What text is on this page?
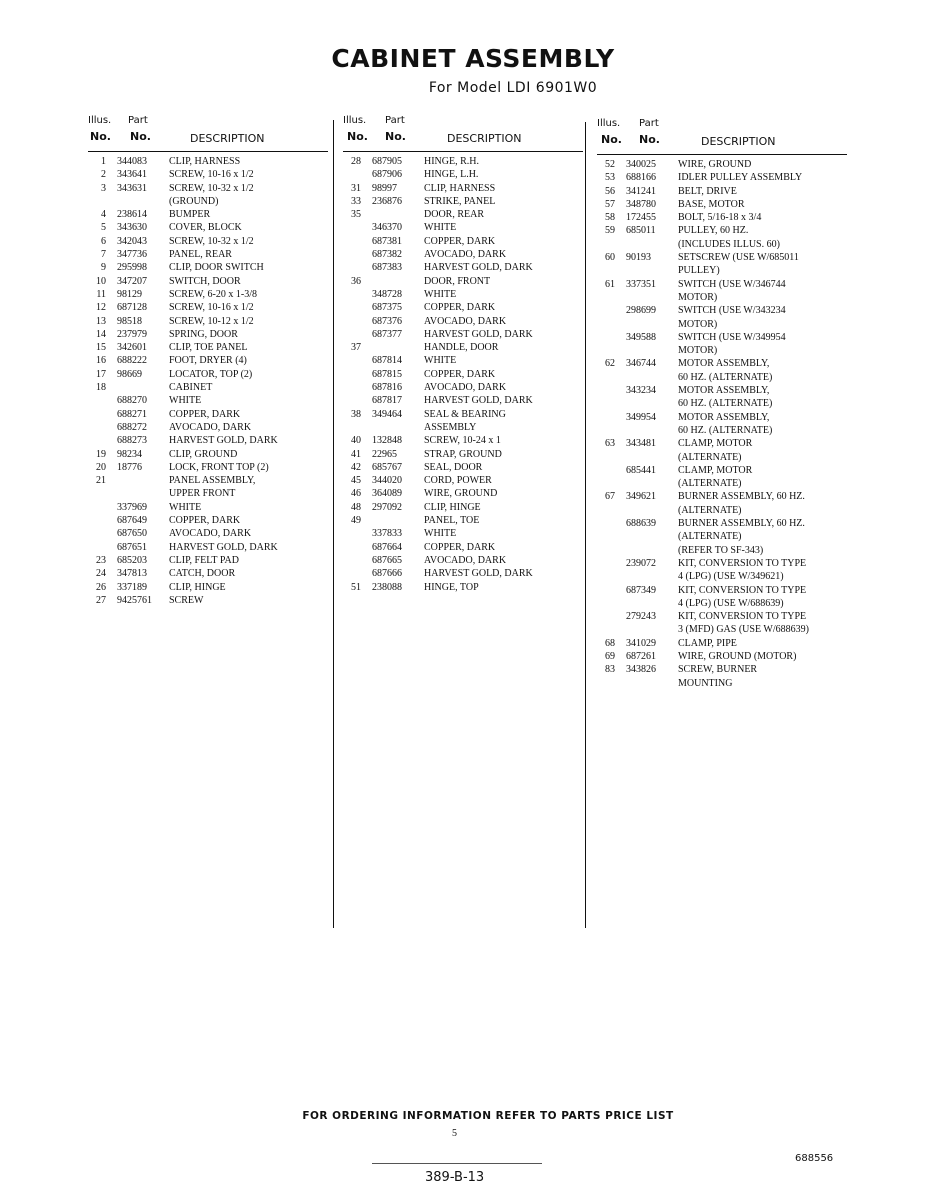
CABINET ASSEMBLY
For Model LDI 6901W0
Illus. Part
No. No.	DESCRIPTION
1 344083 CLIP, HARNESS
2 343641 SCREW, 10-16 x 1/2
3 343631 SCREW, 10-32 x 1/2
(GROUND)
4 238614 BUMPER
5 343630 COVER, BLOCK
6 342043 SCREW, 10-32 x 1/2
7 347736 PANEL, REAR
9 295998 CLIP, DOOR SWITCH
10 347207 SWITCH, DOOR
11 98129	SCREW, 6-20 x 1-3/8
12 687128 SCREW, 10-16 x 1/2
13 98518	SCREW, 10-12 x 1/2
14 237979 SPRING, DOOR
15 342601 CLIP, TOE PANEL
16 688222 FOOT, DRYER (4)
17 98669	LOCATOR, TOP (2)
18	CABINET
688270 WHITE
688271 COPPER, DARK
688272 AVOCADO, DARK
688273 HARVEST GOLD, DARK
19 98234	CLIP, GROUND
20 18776	LOCK, FRONT TOP (2)
21	PANEL ASSEMBLY,
UPPER FRONT
337969 WHITE
687649 COPPER, DARK
687650 AVOCADO, DARK
687651 HARVEST GOLD, DARK
23 685203 CLIP, FELT PAD
24 347813 CATCH, DOOR
26 337189 CLIP, HINGE
27 9425761 SCREW
Illus. Part
No. No.	DESCRIPTION
28 687905 HINGE, R.H.
687906 HINGE, L.H.
31 98997	CLIP, HARNESS
33 236876 STRIKE, PANEL
35	DOOR, REAR
346370 WHITE
687381 COPPER, DARK
687382 AVOCADO, DARK
687383 HARVEST GOLD, DARK
36	DOOR, FRONT
348728 WHITE
687375 COPPER, DARK
687376 AVOCADO, DARK
687377 HARVEST GOLD, DARK
37	HANDLE, DOOR
687814 WHITE
687815 COPPER, DARK
687816 AVOCADO, DARK
687817 HARVEST GOLD, DARK
38 349464 SEAL & BEARING
ASSEMBLY
40 132848 SCREW, 10-24 x 1
41 22965	STRAP, GROUND
42 685767 SEAL, DOOR
45 344020 CORD, POWER
46 364089 WIRE, GROUND
48 297092 CLIP, HINGE
49	PANEL, TOE
337833 WHITE
687664 COPPER, DARK
687665 AVOCADO, DARK
687666 HARVEST GOLD, DARK
51 238088 HINGE, TOP
Illus. Part
No. No.	DESCRIPTION
52 340025 WIRE, GROUND
53 688166 IDLER PULLEY ASSEMBLY
56 341241 BELT, DRIVE
57 348780 BASE, MOTOR
58 172455 BOLT, 5/16-18 x 3/4
59 685011 PULLEY, 60 HZ.
(INCLUDES ILLUS. 60)
60 90193	SETSCREW (USE W/685011
PULLEY)
61 337351 SWITCH (USE W/346744
MOTOR)
298699 SWITCH (USE W/343234
MOTOR)
349588 SWITCH (USE W/349954
MOTOR)
62 346744 MOTOR ASSEMBLY,
60 HZ. (ALTERNATE)
343234 MOTOR ASSEMBLY,
60 HZ. (ALTERNATE)
349954 MOTOR ASSEMBLY,
60 HZ. (ALTERNATE)
63 343481 CLAMP, MOTOR
(ALTERNATE)
685441 CLAMP, MOTOR
(ALTERNATE)
67 349621 BURNER ASSEMBLY, 60 HZ.
(ALTERNATE)
688639 BURNER ASSEMBLY, 60 HZ.
(ALTERNATE)
(REFER TO SF-343)
239072 KIT, CONVERSION TO TYPE
4 (LPG) (USE W/349621)
687349 KIT, CONVERSION TO TYPE
4 (LPG) (USE W/688639)
279243 KIT, CONVERSION TO TYPE
3 (MFD) GAS (USE W/688639)
68 341029 CLAMP, PIPE
69 687261 WIRE, GROUND (MOTOR)
83 343826 SCREW, BURNER
MOUNTING
FOR ORDERING INFORMATION REFER TO PARTS PRICE LIST
5
389-B-13
688556
